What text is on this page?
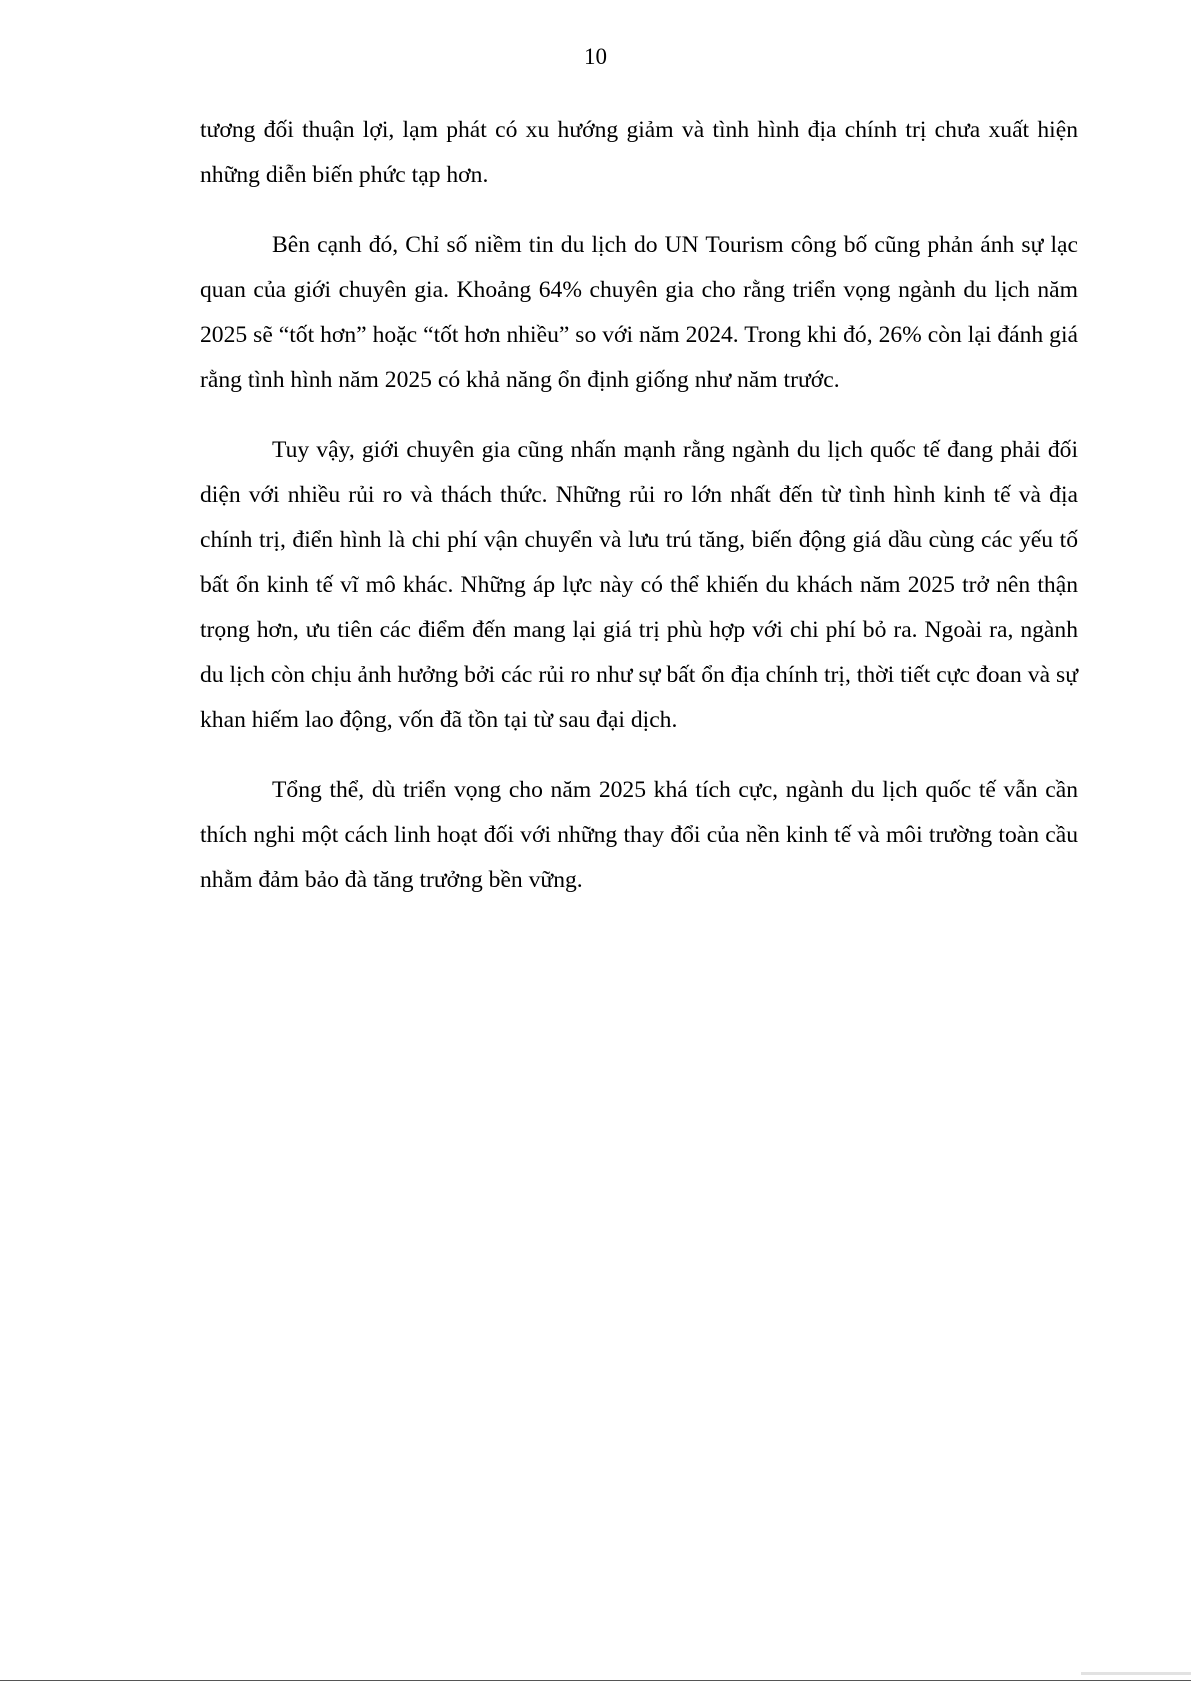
10

tương đối thuận lợi, lạm phát có xu hướng giảm và tình hình địa chính trị chưa xuất hiện những diễn biến phức tạp hơn.

Bên cạnh đó, Chỉ số niềm tin du lịch do UN Tourism công bố cũng phản ánh sự lạc quan của giới chuyên gia. Khoảng 64% chuyên gia cho rằng triển vọng ngành du lịch năm 2025 sẽ “tốt hơn” hoặc “tốt hơn nhiều” so với năm 2024. Trong khi đó, 26% còn lại đánh giá rằng tình hình năm 2025 có khả năng ổn định giống như năm trước.

Tuy vậy, giới chuyên gia cũng nhấn mạnh rằng ngành du lịch quốc tế đang phải đối diện với nhiều rủi ro và thách thức. Những rủi ro lớn nhất đến từ tình hình kinh tế và địa chính trị, điển hình là chi phí vận chuyển và lưu trú tăng, biến động giá dầu cùng các yếu tố bất ổn kinh tế vĩ mô khác. Những áp lực này có thể khiến du khách năm 2025 trở nên thận trọng hơn, ưu tiên các điểm đến mang lại giá trị phù hợp với chi phí bỏ ra. Ngoài ra, ngành du lịch còn chịu ảnh hưởng bởi các rủi ro như sự bất ổn địa chính trị, thời tiết cực đoan và sự khan hiếm lao động, vốn đã tồn tại từ sau đại dịch.

Tổng thể, dù triển vọng cho năm 2025 khá tích cực, ngành du lịch quốc tế vẫn cần thích nghi một cách linh hoạt đối với những thay đổi của nền kinh tế và môi trường toàn cầu nhằm đảm bảo đà tăng trưởng bền vững.
